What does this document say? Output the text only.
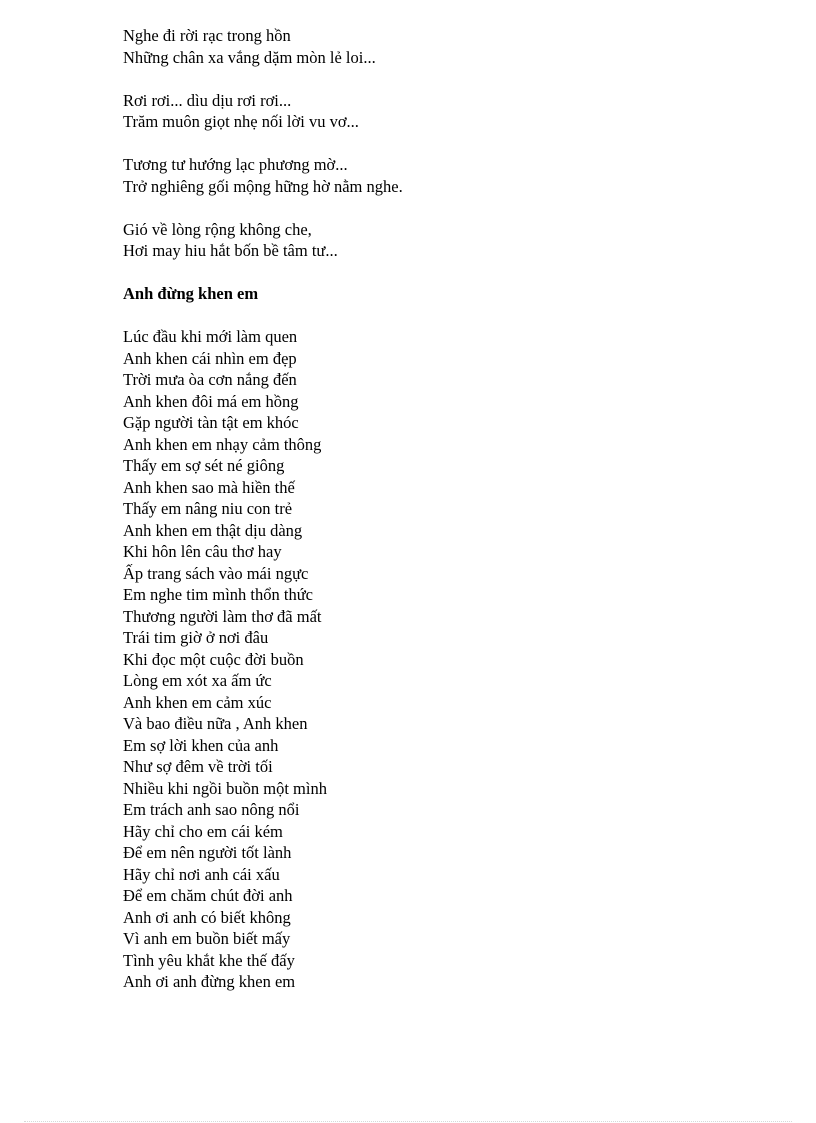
Nghe đi rời rạc trong hồn
Những chân xa vắng dặm mòn lẻ loi...
Rơi rơi... dìu dịu rơi rơi...
Trăm muôn giọt nhẹ nối lời vu vơ...
Tương tư hướng lạc phương mờ...
Trở nghiêng gối mộng hững hờ nằm nghe.
Gió về lòng rộng không che,
Hơi may hiu hắt bốn bề tâm tư...
Anh đừng khen em
Lúc đầu khi mới làm quen
Anh khen cái nhìn em đẹp
Trời mưa òa cơn nắng đến
Anh khen đôi má em hồng
Gặp người tàn tật em khóc
Anh khen em nhạy cảm thông
Thấy em sợ sét né giông
Anh khen sao mà hiền thế
Thấy em nâng niu con trẻ
Anh khen em thật dịu dàng
Khi hôn lên câu thơ hay
Ấp trang sách vào mái ngực
Em nghe tim mình thổn thức
Thương người làm thơ đã mất
Trái tim giờ ở nơi đâu
Khi đọc một cuộc đời buồn
Lòng em xót xa ấm ức
Anh khen em cảm xúc
Và bao điều nữa , Anh khen
Em sợ lời khen của anh
Như sợ đêm về trời tối
Nhiều khi ngồi buồn một mình
Em trách anh sao nông nổi
Hãy chỉ cho em cái kém
Để em nên người tốt lành
Hãy chỉ nơi anh cái xấu
Để em chăm chút đời anh
Anh ơi anh có biết không
Vì anh em buồn biết mấy
Tình yêu khắt khe thế đấy
Anh ơi anh đừng khen em
